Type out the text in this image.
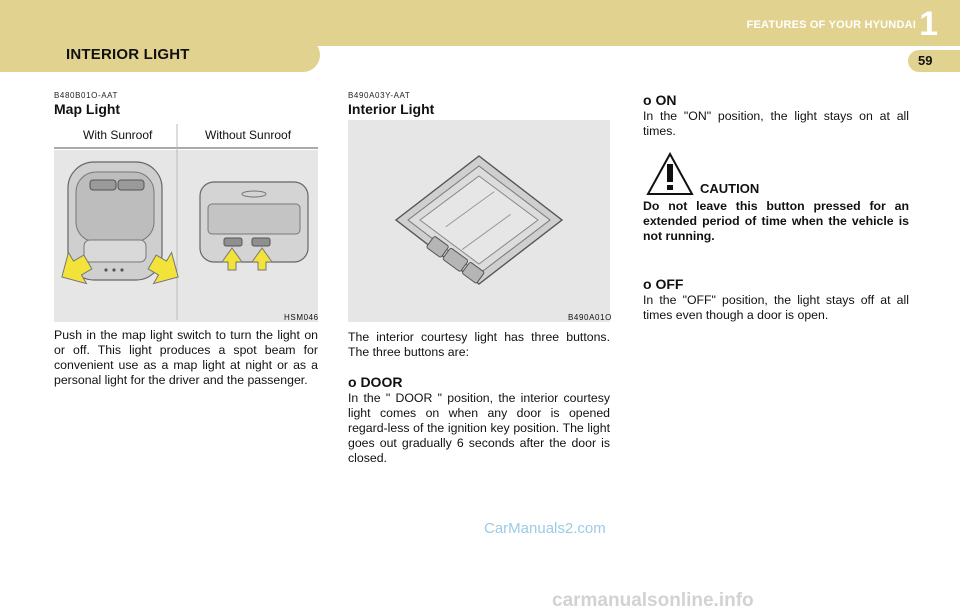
INTERIOR LIGHT
FEATURES OF YOUR HYUNDAI 1
59
B480B01O-AAT
Map Light
With Sunroof	Without Sunroof
HSM046
Push in the map light switch to turn the light on or off. This light produces a spot beam for convenient use as a map light at night or as a personal light for the driver and the passenger.
B490A03Y-AAT
Interior Light
B490A01O
The interior courtesy light has three buttons. The three buttons are:
o DOOR
In the " DOOR " position, the interior courtesy light comes on when any door is opened regard-less of the ignition key position. The light goes out gradually 6 seconds after the door is closed.
o ON
In the "ON" position, the light stays on at all times.
CAUTION
Do not leave this button pressed for an extended period of time when the vehicle is not running.
o OFF
In the "OFF" position, the light stays off at all times even though a door is open.
CarManuals2.com
carmanualsonline.info
